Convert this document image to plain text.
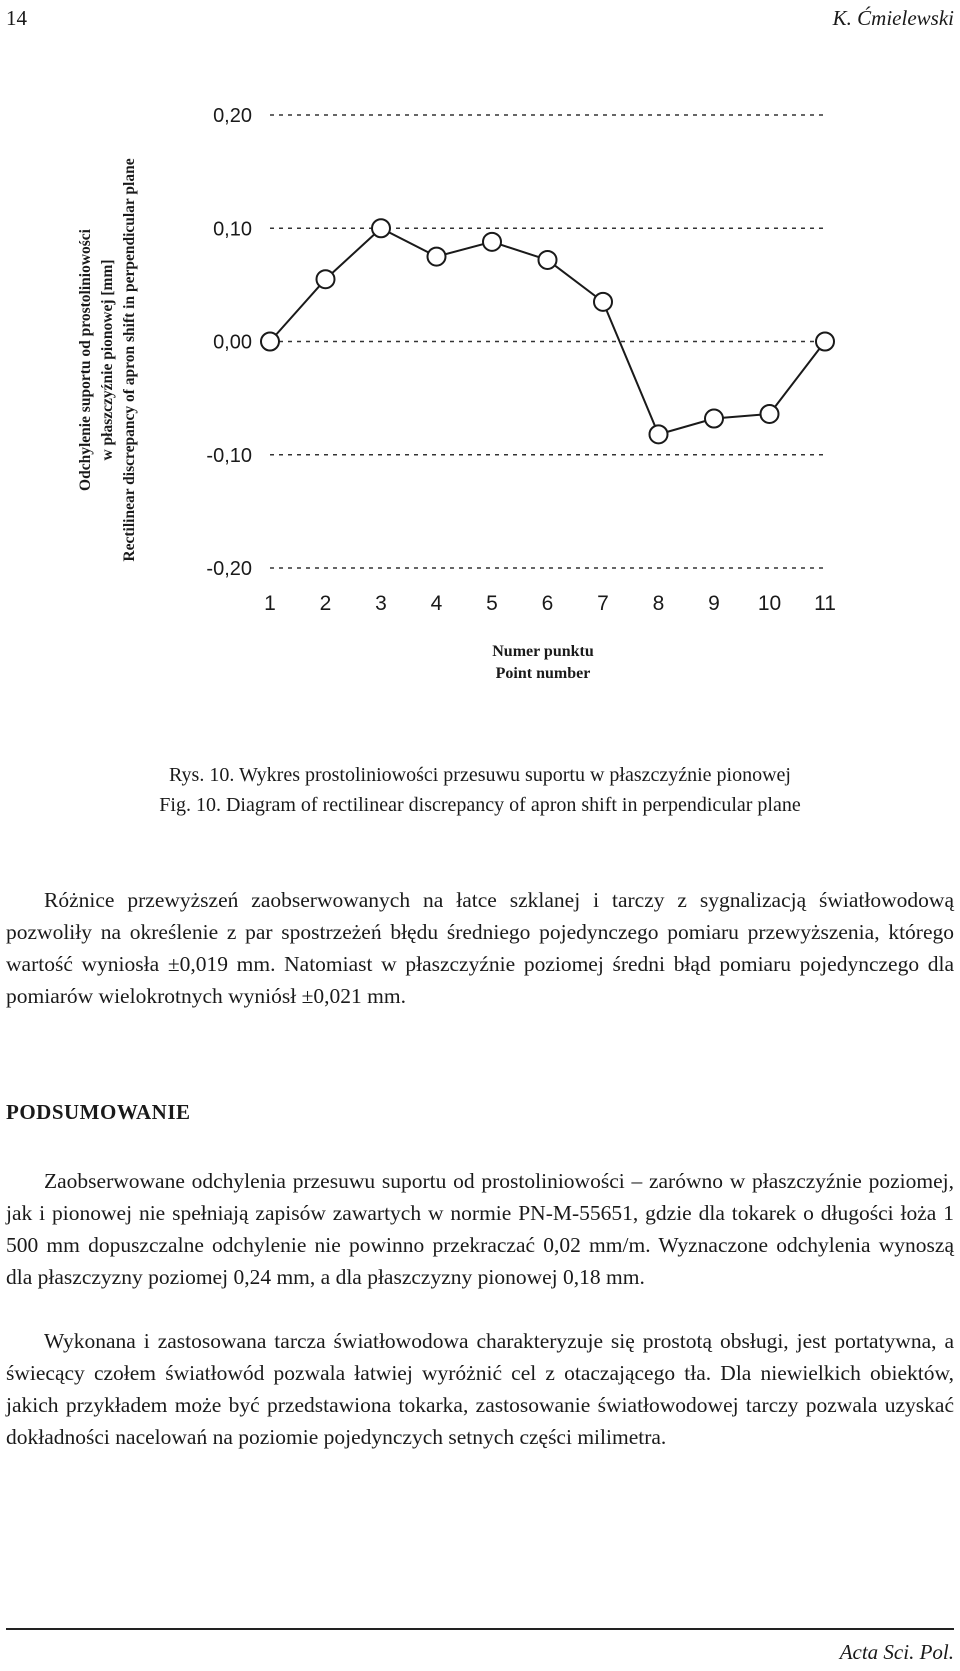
14	K. Ćmielewski
0,20
0,10
0,00
-0,10
-0,20
1 2 3 4 5 6 7 8 9 10 11
Odchylenie suportu od prostoliniowości w płaszczyźnie pionowej [mm] Rectilinear discrepancy of apron shift in perpendicular plane
Numer punktu
Point number
Rys. 10. Wykres prostoliniowości przesuwu suportu w płaszczyźnie pionowej
Fig. 10. Diagram of rectilinear discrepancy of apron shift in perpendicular plane

Różnice przewyższeń zaobserwowanych na łatce szklanej i tarczy z sygnalizacją światłowodową pozwoliły na określenie z par spostrzeżeń błędu średniego pojedynczego pomiaru przewyższenia, którego wartość wyniosła ±0,019 mm. Natomiast w płaszczyźnie poziomej średni błąd pomiaru pojedynczego dla pomiarów wielokrotnych wyniósł ±0,021 mm.

PODSUMOWANIE

Zaobserwowane odchylenia przesuwu suportu od prostoliniowości – zarówno w płaszczyźnie poziomej, jak i pionowej nie spełniają zapisów zawartych w normie PN-M-55651, gdzie dla tokarek o długości łoża 1 500 mm dopuszczalne odchylenie nie powinno przekraczać 0,02 mm/m. Wyznaczone odchylenia wynoszą dla płaszczyzny poziomej 0,24 mm, a dla płaszczyzny pionowej 0,18 mm.

Wykonana i zastosowana tarcza światłowodowa charakteryzuje się prostotą obsługi, jest portatywna, a świecący czołem światłowód pozwala łatwiej wyróżnić cel z otaczającego tła. Dla niewielkich obiektów, jakich przykładem może być przedstawiona tokarka, zastosowanie światłowodowej tarczy pozwala uzyskać dokładności nacelowań na poziomie pojedynczych setnych części milimetra.

Acta Sci. Pol.
